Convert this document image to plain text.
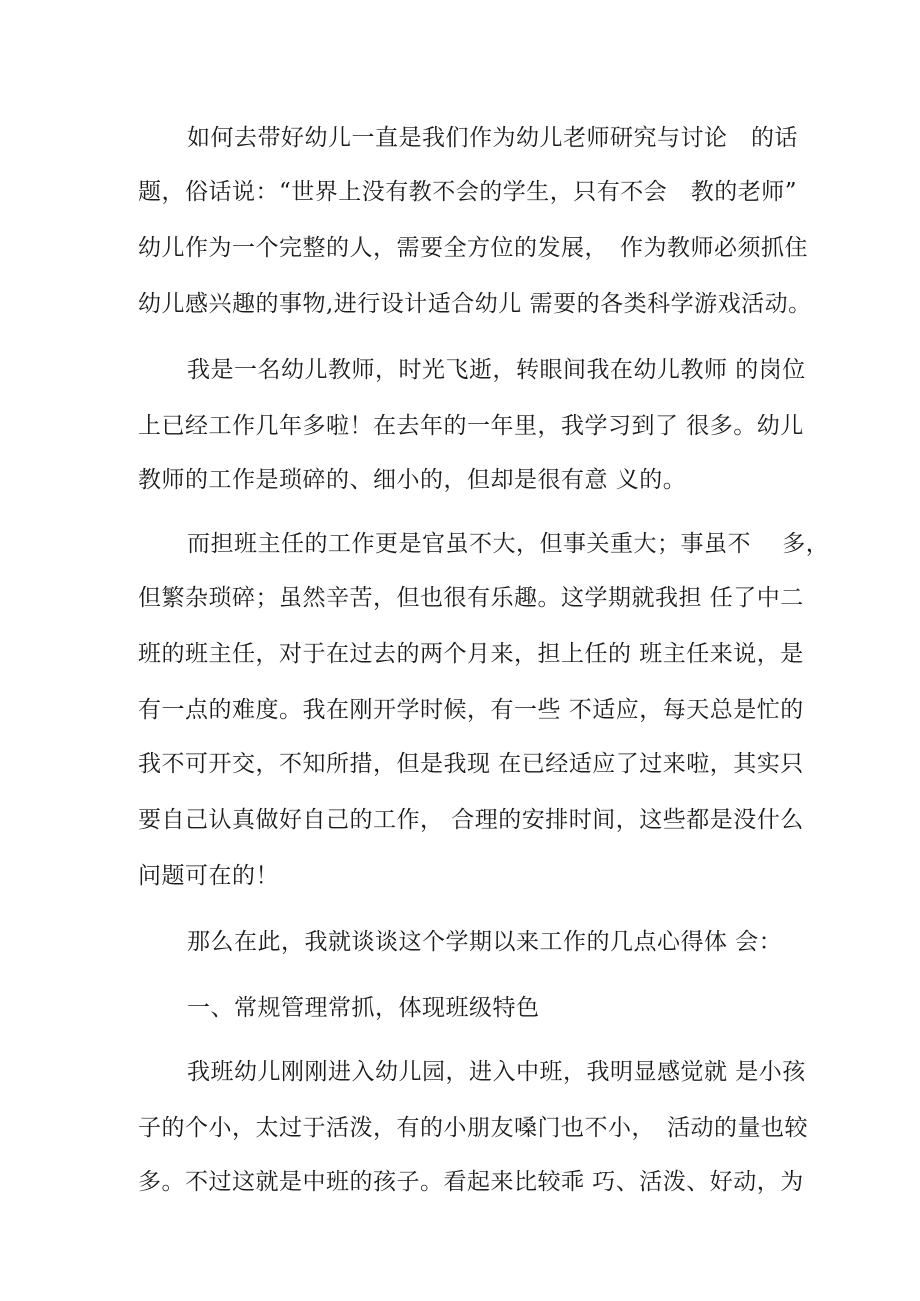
如何去带好幼儿一直是我们作为幼儿老师研究与讨论　的话
题，俗话说：“世界上没有教不会的学生，只有不会　教的老师”
幼儿作为一个完整的人，需要全方位的发展，　作为教师必须抓住
幼儿感兴趣的事物,进行设计适合幼儿 需要的各类科学游戏活动。
我是一名幼儿教师，时光飞逝，转眼间我在幼儿教师 的岗位
上已经工作几年多啦！在去年的一年里，我学习到了 很多。幼儿
教师的工作是琐碎的、细小的，但却是很有意 义的。
而担班主任的工作更是官虽不大，但事关重大；事虽不　 多，
但繁杂琐碎；虽然辛苦，但也很有乐趣。这学期就我担 任了中二
班的班主任，对于在过去的两个月来，担上任的 班主任来说，是
有一点的难度。我在刚开学时候，有一些 不适应，每天总是忙的
我不可开交，不知所措，但是我现 在已经适应了过来啦，其实只
要自己认真做好自己的工作， 合理的安排时间，这些都是没什么
问题可在的！
那么在此，我就谈谈这个学期以来工作的几点心得体 会：
一、常规管理常抓，体现班级特色
我班幼儿刚刚进入幼儿园，进入中班，我明显感觉就 是小孩
子的个小，太过于活泼，有的小朋友嗓门也不小，　活动的量也较
多。不过这就是中班的孩子。看起来比较乖 巧、活泼、好动，为
